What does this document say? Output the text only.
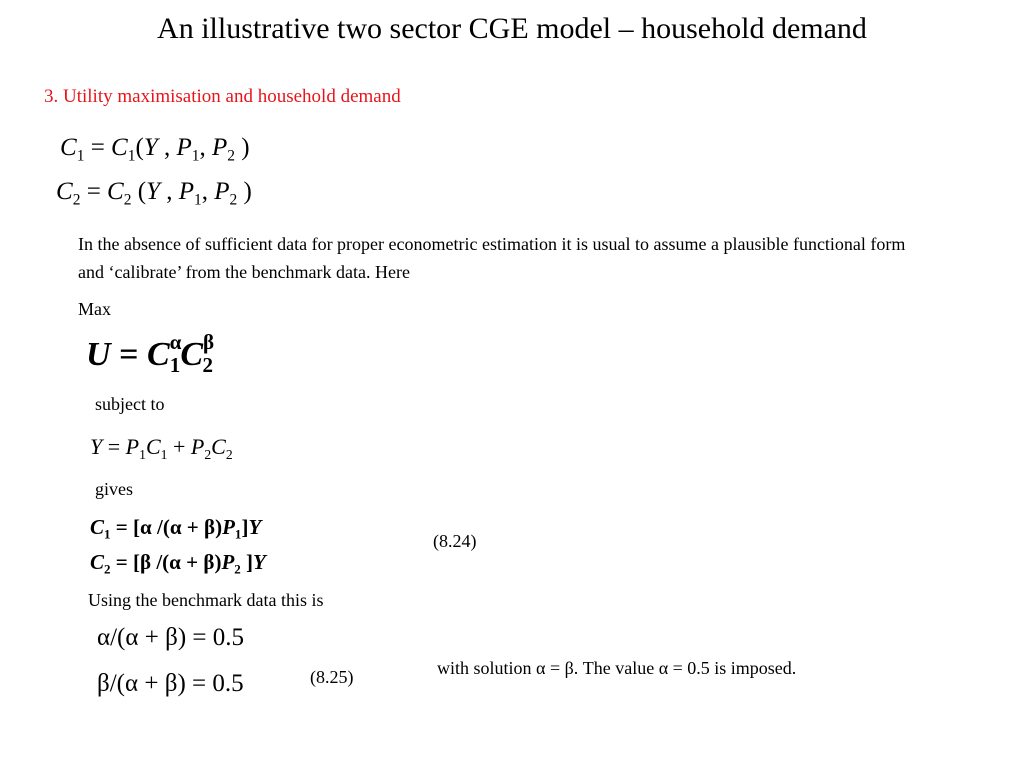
An illustrative two sector CGE model – household demand
3. Utility maximisation and household demand
$C_1 = C_1(Y$ , $P_1$, $P_2$ )
$C_2 = C_2$ (Y , $P_1$, $P_2$ )
In the absence of sufficient data for proper econometric estimation it is usual to assume a plausible functional form and ‘calibrate’ from the benchmark data. Here
Max
$U = C^\alpha_1C^\beta_2$
subject to
$Y = P_1C_1 + P_2C_2$
gives
$C_1 = [\alpha$ $/(\alpha + \beta)P_1]Y$
$C_2 = [\beta$ $/(\alpha + \beta)P_2$ ]Y
(8.24)
Using the benchmark data this is
α/(α + β) = 0.5
β/(α + β) = 0.5	(8.25)	with solution α = β. The value α = 0.5 is imposed.
